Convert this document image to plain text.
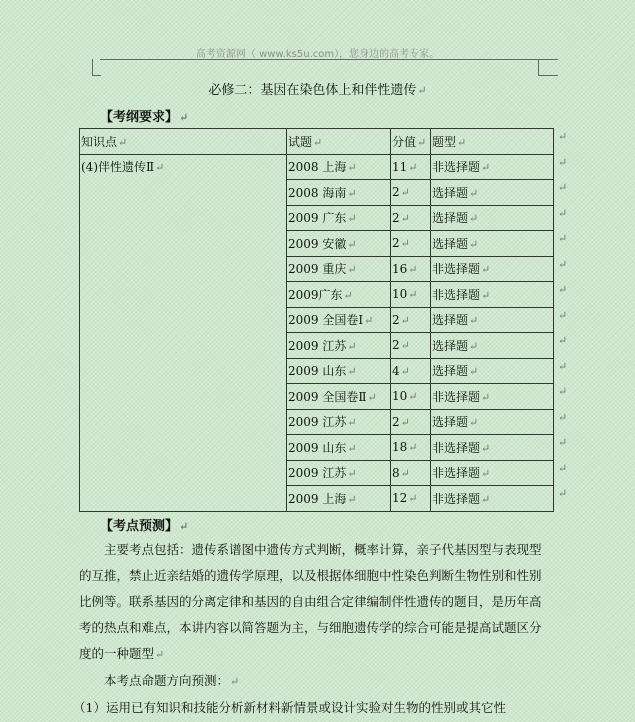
高考资源网（ www.ks5u.com），您身边的高考专家。
必修二：基因在染色体上和伴性遗传↵
【考纲要求】↵
知识点↵	试题↵	分值↵	题型↵
(4)伴性遗传Ⅱ↵	2008 上海↵	11↵	非选择题↵
	2008 海南↵	2↵	选择题↵
	2009 广东↵	2↵	选择题↵
	2009 安徽↵	2↵	选择题↵
	2009 重庆↵	16↵	非选择题↵
	2009广东↵	10↵	非选择题↵
	2009 全国卷Ⅰ↵	2↵	选择题↵
	2009 江苏↵	2↵	选择题↵
	2009 山东↵	4↵	选择题↵
	2009 全国卷Ⅱ↵	10↵	非选择题↵
	2009 江苏↵	2↵	选择题↵
	2009 山东↵	18↵	非选择题↵
	2009 江苏↵	8↵	非选择题↵
	2009 上海↵	12↵	非选择题↵
↵
↵
↵
↵
↵
↵
↵
↵
↵
↵
↵
↵
↵
↵
↵
【考点预测】↵

主要考点包括：遗传系谱图中遗传方式判断，概率计算，亲子代基因型与表现型的互推，禁止近亲结婚的遗传学原理，以及根据体细胞中性染色判断生物性别和性别比例等。联系基因的分离定律和基因的自由组合定律编制伴性遗传的题目，是历年高考的热点和难点，本讲内容以简答题为主，与细胞遗传学的综合可能是提高试题区分度的一种题型↵

本考点命题方向预测：↵

（1）运用已有知识和技能分析新材料新情景或设计实验对生物的性别或其它性
